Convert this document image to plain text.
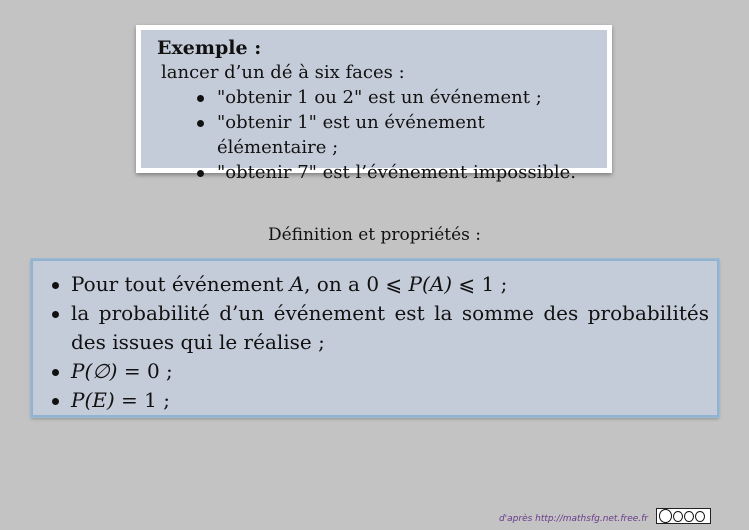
Exemple :
lancer d’un dé à six faces :
"obtenir 1 ou 2" est un événement ;
"obtenir 1" est un événement élémentaire ;
"obtenir 7" est l’événement impossible.
Définition et propriétés :
Pour tout événement A, on a 0 ⩽ P(A) ⩽ 1 ;
la probabilité d’un événement est la somme des probabilités des issues qui le réalise ;
P(∅) = 0 ;
P(E) = 1 ;
d'après http://mathsfg.net.free.fr
